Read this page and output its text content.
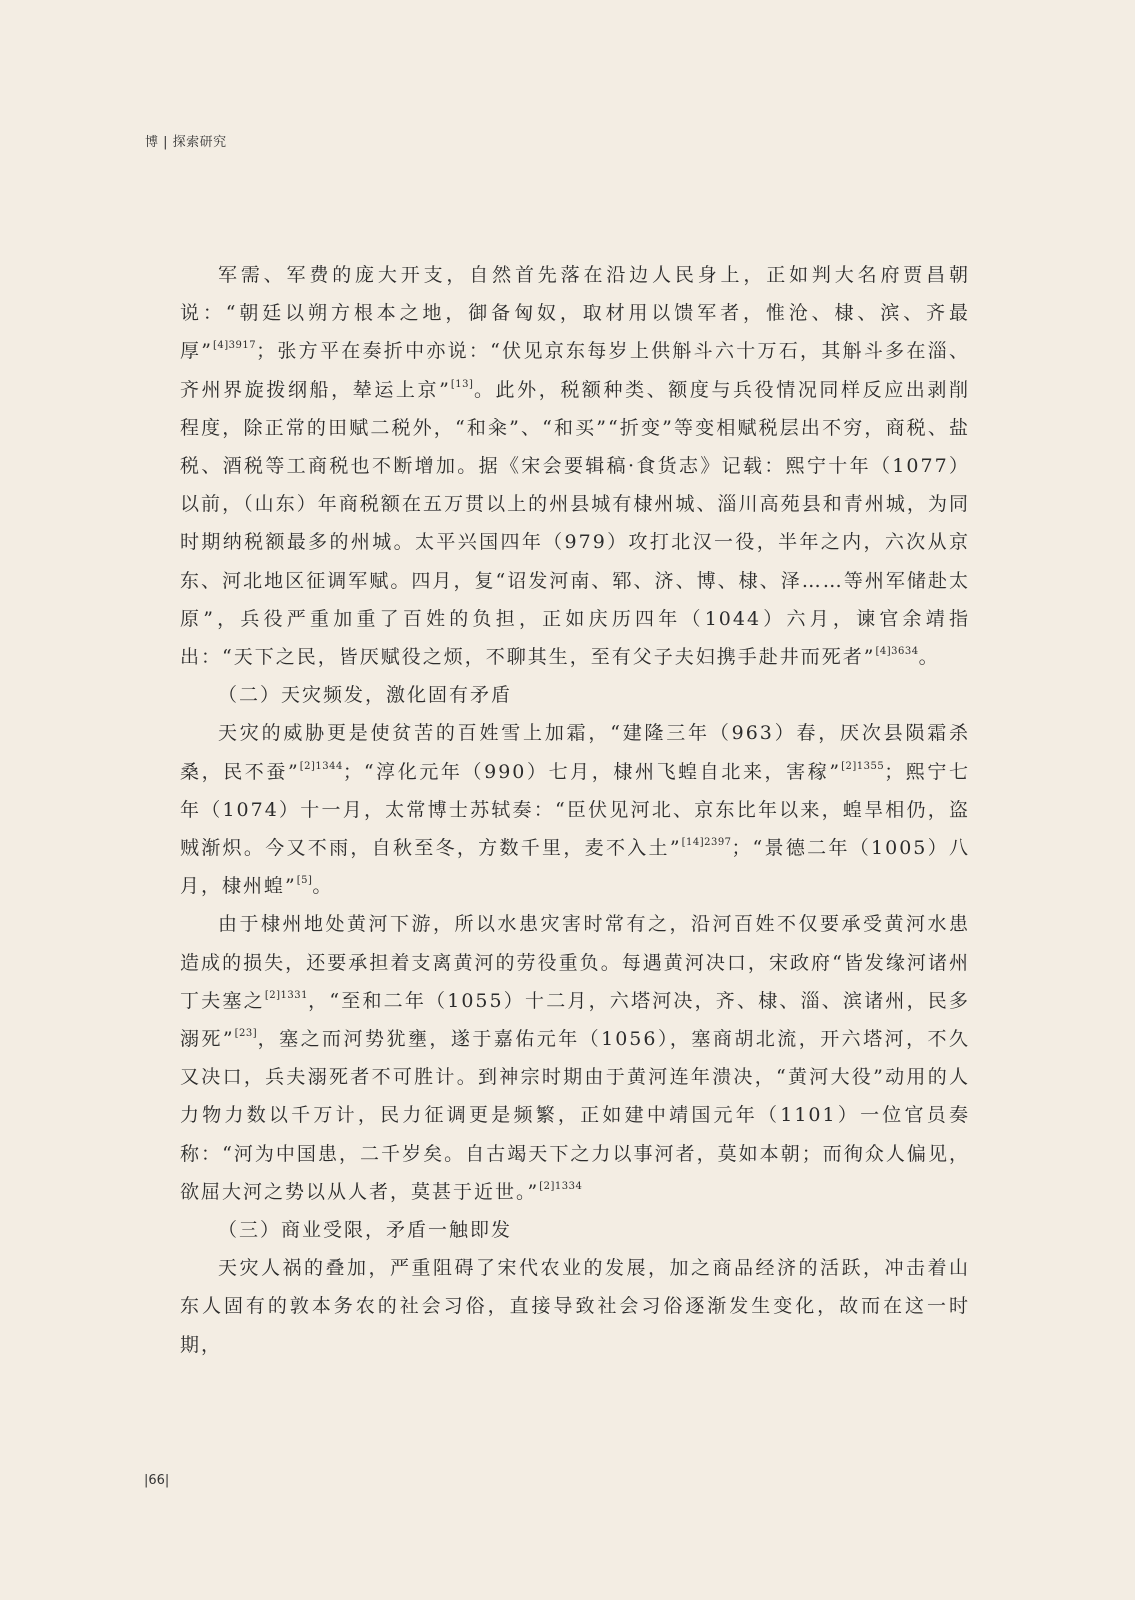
博 | 探索研究

军需、军费的庞大开支，自然首先落在沿边人民身上，正如判大名府贾昌朝说：“朝廷以朔方根本之地，御备匈奴，取材用以馈军者，惟沧、棣、滨、齐最厚”$^{[4]3917}$；张方平在奏折中亦说：“伏见京东每岁上供斛斗六十万石，其斛斗多在淄、齐州界旋拨纲船，辇运上京”[13]。此外，税额种类、额度与兵役情况同样反应出剥削程度，除正常的田赋二税外，“和籴”、“和买”“折变”等变相赋税层出不穷，商税、盐税、酒税等工商税也不断增加。据《宋会要辑稿·食货志》记载：熙宁十年（1077）以前，（山东）年商税额在五万贯以上的州县城有棣州城、淄川高苑县和青州城，为同时期纳税额最多的州城。太平兴国四年（979）攻打北汉一役，半年之内，六次从京东、河北地区征调军赋。四月，复“诏发河南、郓、济、博、棣、泽……等州军储赴太原”，兵役严重加重了百姓的负担，正如庆历四年（1044）六月，谏官余靖指出：“天下之民，皆厌赋役之烦，不聊其生，至有父子夫妇携手赴井而死者”$^{[4]3634}$。

（二）天灾频发，激化固有矛盾

天灾的威胁更是使贫苦的百姓雪上加霜，“建隆三年（963）春，厌次县陨霜杀桑，民不蚕”$^{[2]1344}$；“淳化元年（990）七月，棣州飞蝗自北来，害稼”$^{[2]1355}$；熙宁七年（1074）十一月，太常博士苏轼奏：“臣伏见河北、京东比年以来，蝗旱相仍，盗贼渐炽。今又不雨，自秋至冬，方数千里，麦不入土”$^{[14]2397}$；“景德二年（1005）八月，棣州蝗”[5]。

由于棣州地处黄河下游，所以水患灾害时常有之，沿河百姓不仅要承受黄河水患造成的损失，还要承担着支离黄河的劳役重负。每遇黄河决口，宋政府“皆发缘河诸州丁夫塞之$^{[2]1331}$，“至和二年（1055）十二月，六塔河决，齐、棣、淄、滨诸州，民多溺死”[23]，塞之而河势犹壅，遂于嘉佑元年（1056），塞商胡北流，开六塔河，不久又决口，兵夫溺死者不可胜计。到神宗时期由于黄河连年溃决，“黄河大役”动用的人力物力数以千万计，民力征调更是频繁，正如建中靖国元年（1101）一位官员奏称：“河为中国患，二千岁矣。自古竭天下之力以事河者，莫如本朝；而徇众人偏见，欲屈大河之势以从人者，莫甚于近世。”$^{[2]1334}$

（三）商业受限，矛盾一触即发

天灾人祸的叠加，严重阻碍了宋代农业的发展，加之商品经济的活跃，冲击着山东人固有的敦本务农的社会习俗，直接导致社会习俗逐渐发生变化，故而在这一时期，

|66|
